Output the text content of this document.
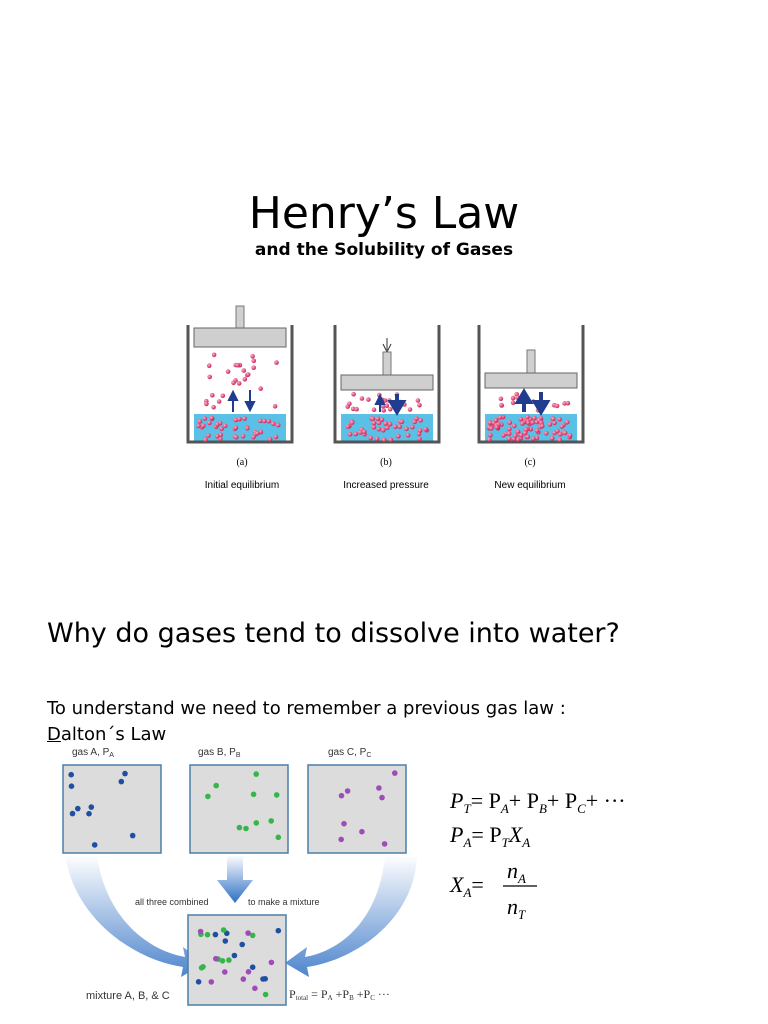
Henry’s Law
and the Solubility of Gases
(a)	(b)	(c)
Initial equilibrium	Increased pressure	New equilibrium
Why do gases tend to dissolve into water?
To understand we need to remember a previous gas law :
Dalton´s Law
gas A, $P_A$	gas B, $P_B$	gas C, $P_C$
all three combined	to make a mixture
mixture A, B, & C	$P_{total} = P_A +P_B +P_C$ ···
$P_T= P_A+ P_B+ P_C+$ ···
$P_A= P_TX_A$
$X_A=$
$n_A$
$n_T$
